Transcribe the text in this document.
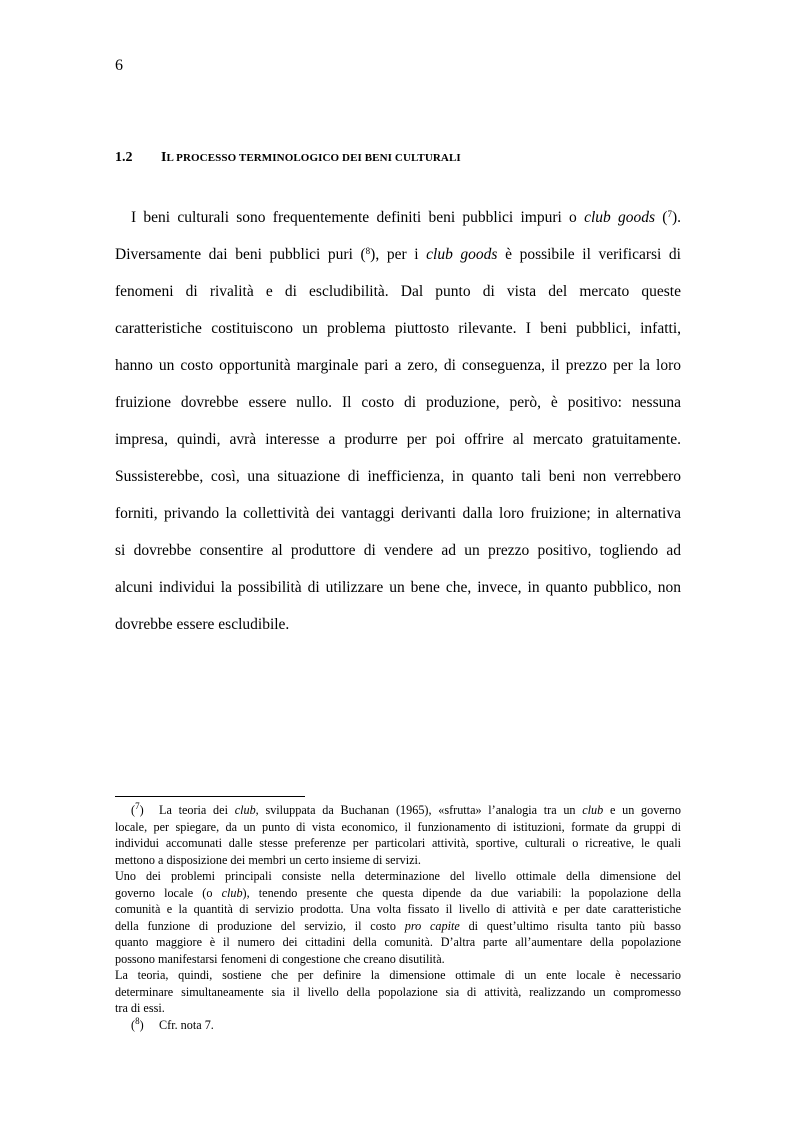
6
1.2 IL PROCESSO TERMINOLOGICO DEI BENI CULTURALI
I beni culturali sono frequentemente definiti beni pubblici impuri o club goods ($^7$).
Diversamente dai beni pubblici puri ($^8$), per i club goods è possibile il verificarsi di
fenomeni di rivalità e di escludibilità. Dal punto di vista del mercato queste
caratteristiche costituiscono un problema piuttosto rilevante. I beni pubblici, infatti,
hanno un costo opportunità marginale pari a zero, di conseguenza, il prezzo per la loro
fruizione dovrebbe essere nullo. Il costo di produzione, però, è positivo: nessuna
impresa, quindi, avrà interesse a produrre per poi offrire al mercato gratuitamente.
Sussisterebbe, così, una situazione di inefficienza, in quanto tali beni non verrebbero
forniti, privando la collettività dei vantaggi derivanti dalla loro fruizione; in alternativa
si dovrebbe consentire al produttore di vendere ad un prezzo positivo, togliendo ad
alcuni individui la possibilità di utilizzare un bene che, invece, in quanto pubblico, non
dovrebbe essere escludibile.
($^7$) La teoria dei club, sviluppata da Buchanan (1965), «sfrutta» l’analogia tra un club e un governo
locale, per spiegare, da un punto di vista economico, il funzionamento di istituzioni, formate da gruppi di
individui accomunati dalle stesse preferenze per particolari attività, sportive, culturali o ricreative, le quali
mettono a disposizione dei membri un certo insieme di servizi.
Uno dei problemi principali consiste nella determinazione del livello ottimale della dimensione del
governo locale (o club), tenendo presente che questa dipende da due variabili: la popolazione della
comunità e la quantità di servizio prodotta. Una volta fissato il livello di attività e per date caratteristiche
della funzione di produzione del servizio, il costo pro capite di quest’ultimo risulta tanto più basso
quanto maggiore è il numero dei cittadini della comunità. D’altra parte all’aumentare della popolazione
possono manifestarsi fenomeni di congestione che creano disutilità.
La teoria, quindi, sostiene che per definire la dimensione ottimale di un ente locale è necessario
determinare simultaneamente sia il livello della popolazione sia di attività, realizzando un compromesso
tra di essi.
($^8$) Cfr. nota 7.
